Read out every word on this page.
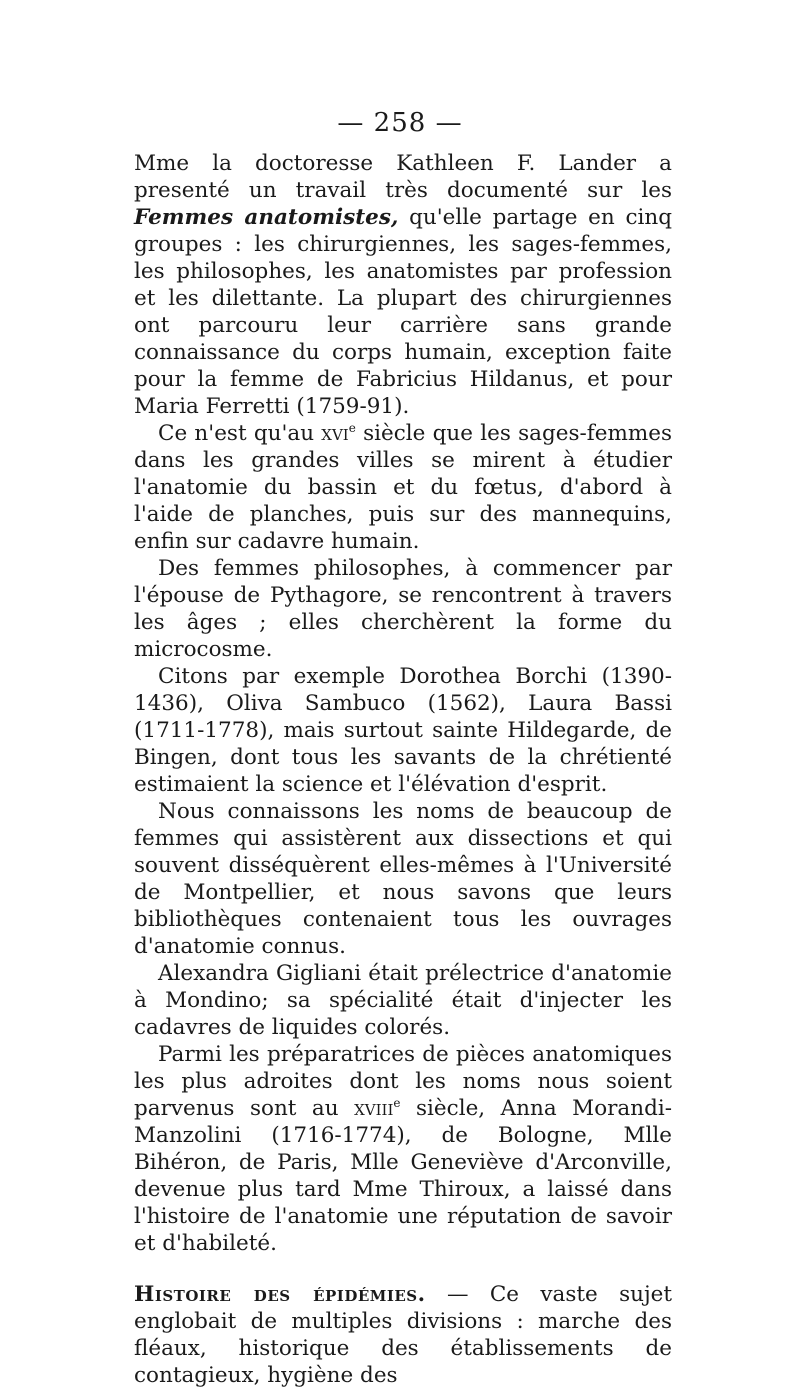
— 258 —

Mme la doctoresse Kathleen F. Lander a presenté un travail très documenté sur les Femmes anatomistes, qu'elle partage en cinq groupes : les chirurgiennes, les sages-femmes, les philosophes, les anatomistes par profession et les dilettante. La plupart des chirurgiennes ont parcouru leur carrière sans grande connaissance du corps humain, exception faite pour la femme de Fabricius Hildanus, et pour Maria Ferretti (1759-91).

Ce n'est qu'au xvi$^e$ siècle que les sages-femmes dans les grandes villes se mirent à étudier l'anatomie du bassin et du fœtus, d'abord à l'aide de planches, puis sur des mannequins, enfin sur cadavre humain.

Des femmes philosophes, à commencer par l'épouse de Pythagore, se rencontrent à travers les âges ; elles cherchèrent la forme du microcosme.

Citons par exemple Dorothea Borchi (1390-1436), Oliva Sambuco (1562), Laura Bassi (1711-1778), mais surtout sainte Hildegarde, de Bingen, dont tous les savants de la chrétienté estimaient la science et l'élévation d'esprit.

Nous connaissons les noms de beaucoup de femmes qui assistèrent aux dissections et qui souvent disséquèrent elles-mêmes à l'Université de Montpellier, et nous savons que leurs bibliothèques contenaient tous les ouvrages d'anatomie connus.

Alexandra Gigliani était prélectrice d'anatomie à Mondino; sa spécialité était d'injecter les cadavres de liquides colorés.

Parmi les préparatrices de pièces anatomiques les plus adroites dont les noms nous soient parvenus sont au xviii$^e$ siècle, Anna Morandi-Manzolini (1716-1774), de Bologne, Mlle Bihéron, de Paris, Mlle Geneviève d'Arconville, devenue plus tard Mme Thiroux, a laissé dans l'histoire de l'anatomie une réputation de savoir et d'habileté.

Histoire des épidémies. — Ce vaste sujet englobait de multiples divisions : marche des fléaux, historique des établissements de contagieux, hygiène des
